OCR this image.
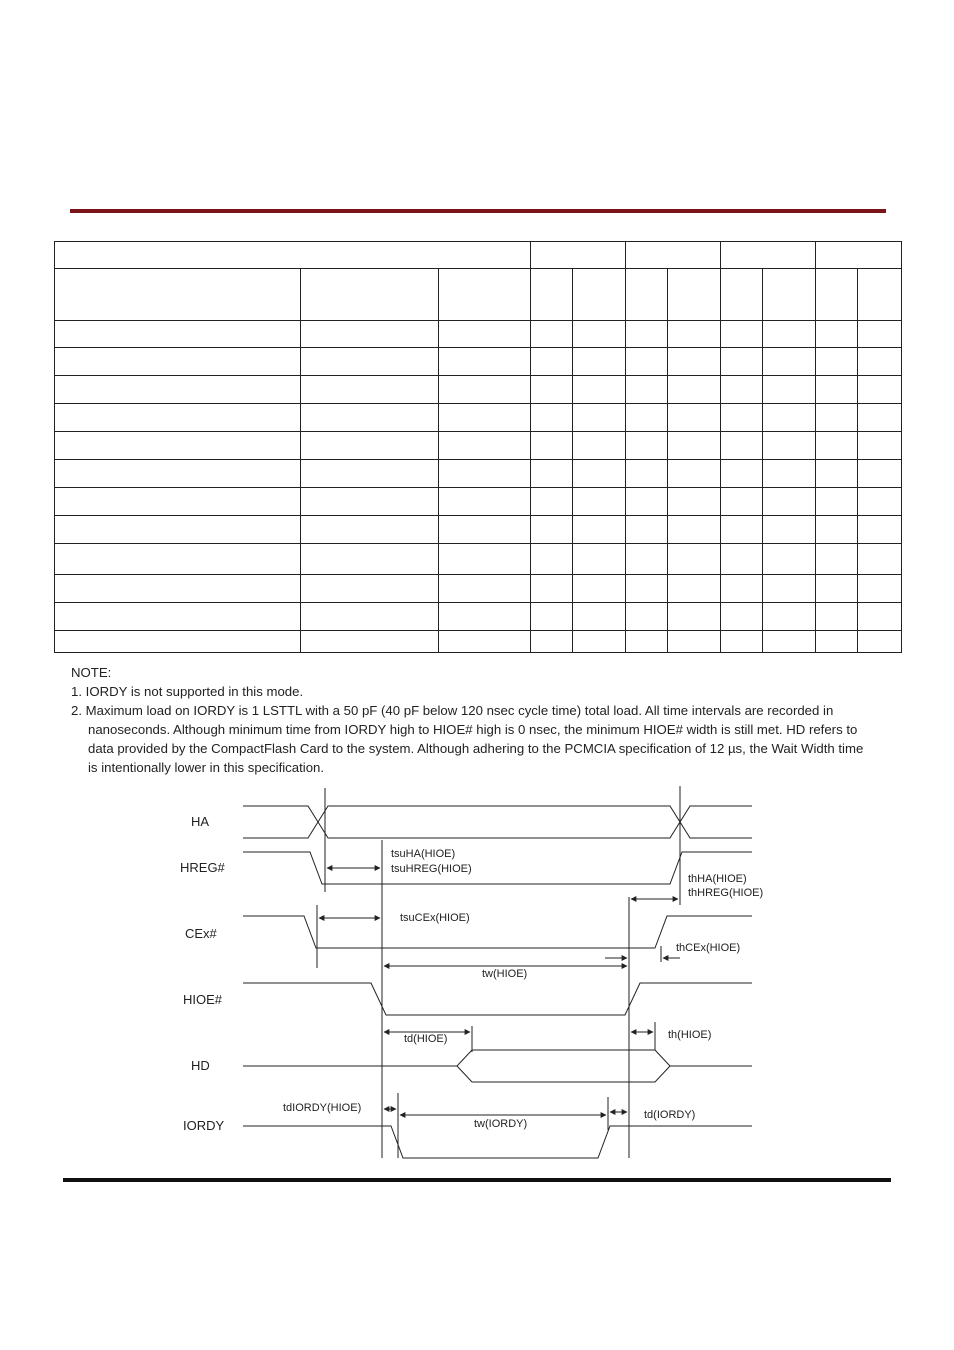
NOTE:
1. IORDY is not supported in this mode.
2. Maximum load on IORDY is 1 LSTTL with a 50 pF (40 pF below 120 nsec cycle time) total load. All time intervals are recorded in nanoseconds. Although minimum time from IORDY high to HIOE# high is 0 nsec, the minimum HIOE# width is still met. HD refers to data provided by the CompactFlash Card to the system. Although adhering to the PCMCIA specification of 12 µs, the Wait Width time is intentionally lower in this specification.
HA
HREG#
CEx#
HIOE#
HD
IORDY
tsuHA(HIOE)
tsuHREG(HIOE)
thHA(HIOE)
thHREG(HIOE)
tsuCEx(HIOE)
thCEx(HIOE)
tw(HIOE)
td(HIOE)	th(HIOE)
tdIORDY(HIOE)
tw(IORDY)
td(IORDY)
